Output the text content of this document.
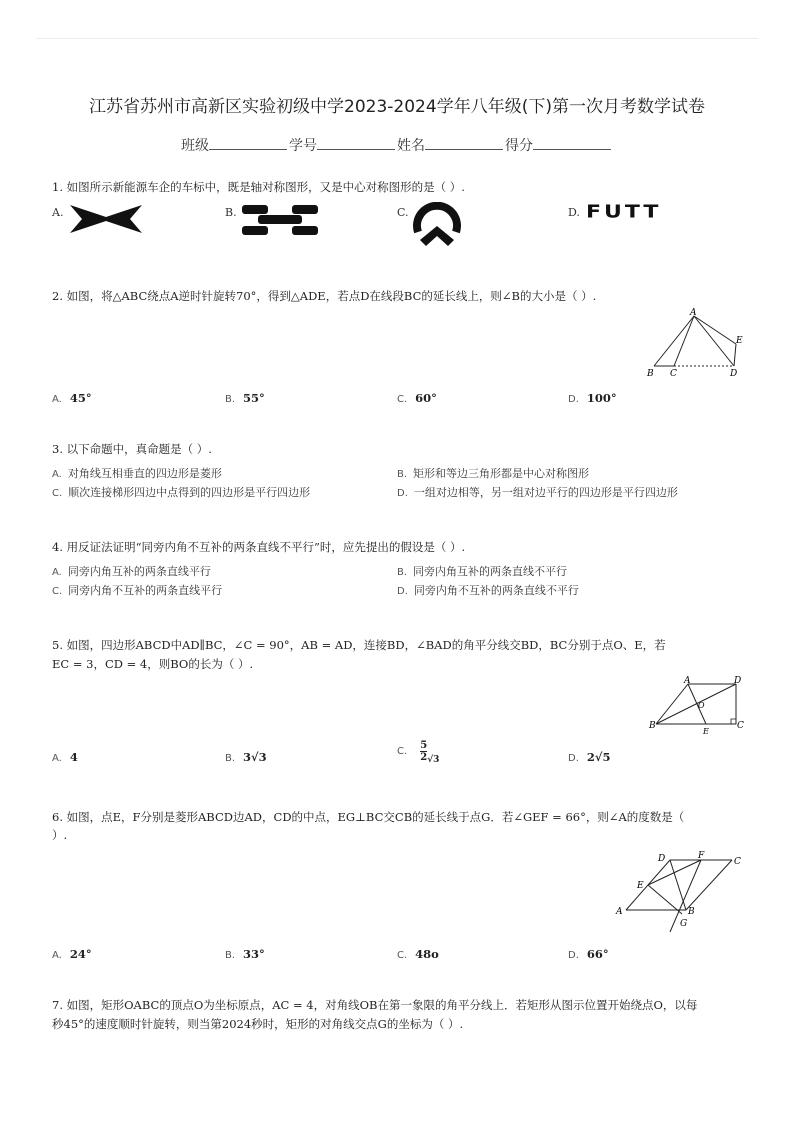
江苏省苏州市高新区实验初级中学2023-2024学年八年级(下)第一次月考数学试卷
班级	学号	姓名	得分
1. 如图所示新能源车企的车标中，既是轴对称图形，又是中心对称图形的是（ ）.
A.	B.	C.	D. FUTT
2. 如图，将△ABC绕点A逆时针旋转70°，得到△ADE，若点D在线段BC的延长线上，则∠B的大小是（ ）.
A
E
B C	D
A. 45°	B. 55°	C. 60°	D. 100°
3. 以下命题中，真命题是（ ）.
A. 对角线互相垂直的四边形是菱形	B. 矩形和等边三角形都是中心对称图形
C. 顺次连接梯形四边中点得到的四边形是平行四边形	D. 一组对边相等，另一组对边平行的四边形是平行四边形
4. 用反证法证明“同旁内角不互补的两条直线不平行”时，应先提出的假设是（ ）.
A. 同旁内角互补的两条直线平行	B. 同旁内角互补的两条直线不平行
C. 同旁内角不互补的两条直线平行	D. 同旁内角不互补的两条直线不平行
5. 如图，四边形ABCD中AD∥BC，∠C = 90°，AB = AD，连接BD，∠BAD的角平分线交BD，BC分别于点O、E，若
EC = 3，CD = 4，则BO的长为（ ）.
A	D
O
B
E
C
A. 4	B. 3√3	C. $\frac{5}{2} _{√3}$	D. 2√5
6. 如图，点E，F分别是菱形ABCD边AD，CD的中点，EG⊥BC交CB的延长线于点G．若∠GEF = 66°，则∠A的度数是（
）.
D	F
C
E
A	B
G
A. 24°	B. 33°	C. 48o	D. 66°
7. 如图，矩形OABC的顶点O为坐标原点，AC = 4，对角线OB在第一象限的角平分线上．若矩形从图示位置开始绕点O，以每
秒45°的速度顺时针旋转，则当第2024秒时，矩形的对角线交点G的坐标为（ ）.
